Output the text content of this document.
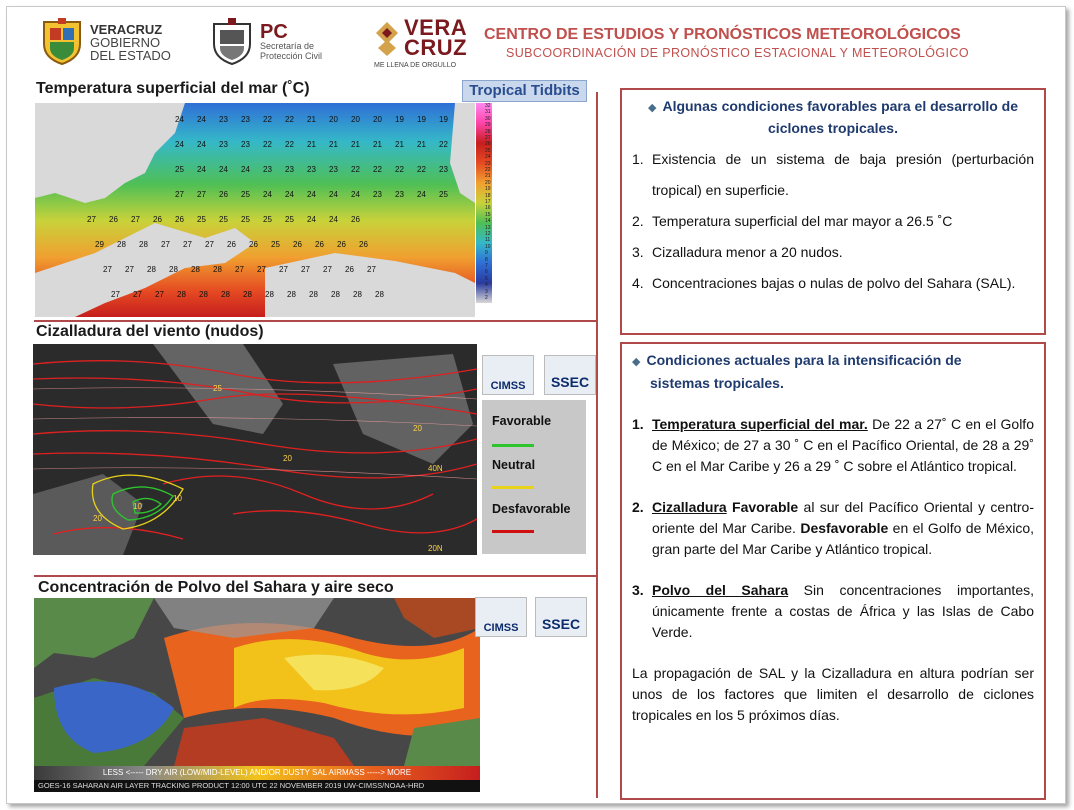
VERACRUZ
GOBIERNO
DEL ESTADO
PC
Secretaría de
Protección Civil
VERA
CRUZ
ME LLENA DE ORGULLO
CENTRO DE ESTUDIOS Y PRONÓSTICOS METEOROLÓGICOS
SUBCOORDINACIÓN DE PRONÓSTICO ESTACIONAL Y METEOROLÓGICO
Temperatura superficial del mar (˚C)	Tropical Tidbits
24 24 23 23 22 22 21 20 20 20 19 19 19
24 24 23 23 22 22 21 21 21 21 21 21 22
25 24 24 24 23 23 23 23 22 22 22 22 23
27 27 26 25 24 24 24 24 24 23 23 24 25
27 26 27 26 26 25 25 25 25 25 24 24 26
29 28 28 27 27 27 26 26 25 26 26 26 26
27 27 28 28 28 28 27 27 27 27 27 26 27
27 27 27 28 28 28 28 28 28 28 28 28 28
32
31
30
29
28
27
26
25
24
23
22
21
20
19
18
17
16
15
14
13
12
11
10
9
8
7
6
5
4
3
2
Cizalladura del viento (nudos)
10
20
25
20
10
20
40N
20N
CIMSS SSEC
Favorable
Neutral
Desfavorable
Concentración de Polvo del Sahara y aire seco
LESS <----- DRY AIR (LOW/MID-LEVEL) AND/OR DUSTY SAL AIRMASS -----> MORE
GOES-16 SAHARAN AIR LAYER TRACKING PRODUCT 12:00 UTC 22 NOVEMBER 2019 UW-CIMSS/NOAA-HRD
CIMSS SSEC
◆ Algunas condiciones favorables para el desarrollo de
ciclones tropicales.
1. Existencia de un sistema de baja presión (perturbación tropical) en superficie.
2. Temperatura superficial del mar mayor a 26.5 ˚C
3. Cizalladura menor a 20 nudos.
4. Concentraciones bajas o nulas de polvo del Sahara (SAL).
◆ Condiciones actuales para la intensificación de
sistemas tropicales.
1. Temperatura superficial del mar. De 22 a 27˚ C en el Golfo de México; de 27 a 30 ˚ C en el Pacífico Oriental, de 28 a 29˚ C en el Mar Caribe y 26 a 29 ˚ C sobre el Atlántico tropical.
2. Cizalladura Favorable al sur del Pacífico Oriental y centro-oriente del Mar Caribe. Desfavorable en el Golfo de México, gran parte del Mar Caribe y Atlántico tropical.
3. Polvo del Sahara Sin concentraciones importantes, únicamente frente a costas de África y las Islas de Cabo Verde.
La propagación de SAL y la Cizalladura en altura podrían ser unos de los factores que limiten el desarrollo de ciclones tropicales en los 5 próximos días.
